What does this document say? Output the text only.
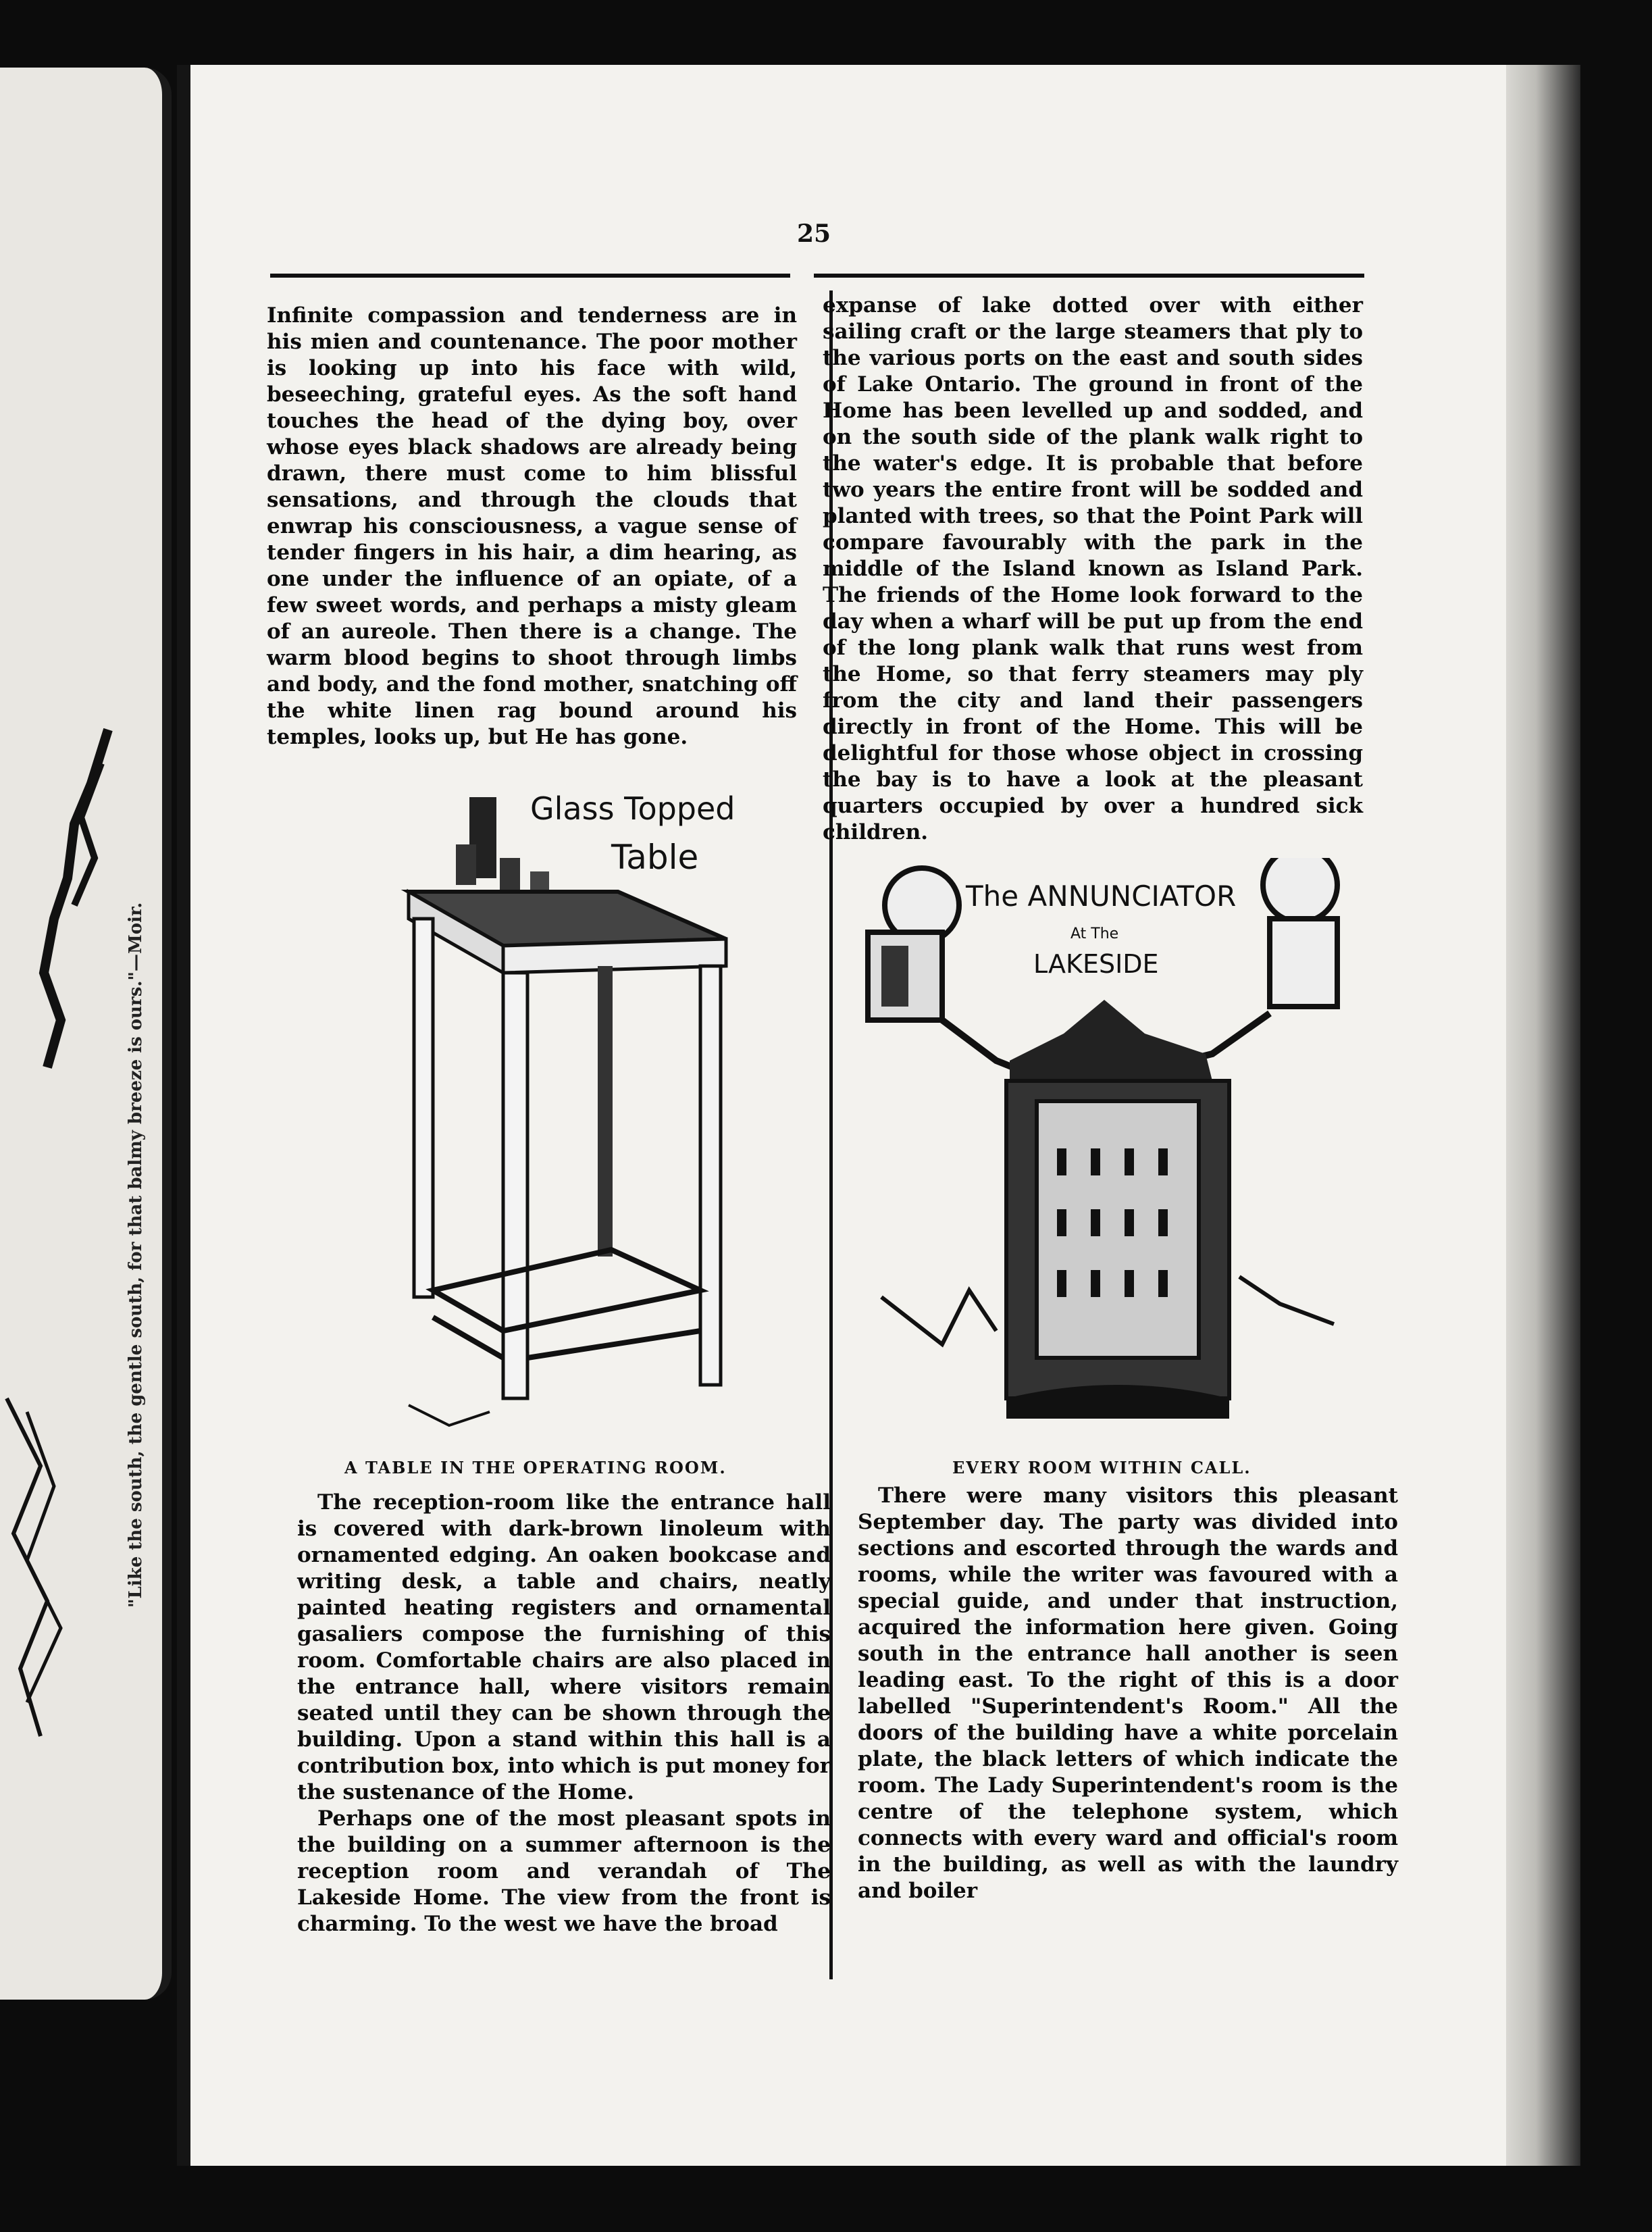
"Like the south, the gentle south, for that balmy breeze is ours."—Moir.
25

Infinite compassion and tenderness are in his mien and countenance. The poor mother is looking up into his face with wild, beseeching, grateful eyes. As the soft hand touches the head of the dying boy, over whose eyes black shadows are already being drawn, there must come to him blissful sensations, and through the clouds that enwrap his consciousness, a vague sense of tender fingers in his hair, a dim hearing, as one under the influence of an opiate, of a few sweet words, and perhaps a misty gleam of an aureole. Then there is a change. The warm blood begins to shoot through limbs and body, and the fond mother, snatching off the white linen rag bound around his temples, looks up, but He has gone.

expanse of lake dotted over with either sailing craft or the large steamers that ply to the various ports on the east and south sides of Lake Ontario. The ground in front of the Home has been levelled up and sodded, and on the south side of the plank walk right to the water's edge. It is probable that before two years the entire front will be sodded and planted with trees, so that the Point Park will compare favourably with the park in the middle of the Island known as Island Park. The friends of the Home look forward to the day when a wharf will be put up from the end of the long plank walk that runs west from the Home, so that ferry steamers may ply from the city and land their passengers directly in front of the Home. This will be delightful for those whose object in crossing the bay is to have a look at the pleasant quarters occupied by over a hundred sick children.

Glass Topped
Table
A TABLE IN THE OPERATING ROOM.
The ANNUNCIATOR
At The
LAKESIDE
EVERY ROOM WITHIN CALL.

The reception-room like the entrance hall is covered with dark-brown linoleum with ornamented edging. An oaken bookcase and writing desk, a table and chairs, neatly painted heating registers and ornamental gasaliers compose the furnishing of this room. Comfortable chairs are also placed in the entrance hall, where visitors remain seated until they can be shown through the building. Upon a stand within this hall is a contribution box, into which is put money for the sustenance of the Home.

Perhaps one of the most pleasant spots in the building on a summer afternoon is the reception room and verandah of The Lakeside Home. The view from the front is charming. To the west we have the broad

There were many visitors this pleasant September day. The party was divided into sections and escorted through the wards and rooms, while the writer was favoured with a special guide, and under that instruction, acquired the information here given. Going south in the entrance hall another is seen leading east. To the right of this is a door labelled "Superintendent's Room." All the doors of the building have a white porcelain plate, the black letters of which indicate the room. The Lady Superintendent's room is the centre of the telephone system, which connects with every ward and official's room in the building, as well as with the laundry and boiler
